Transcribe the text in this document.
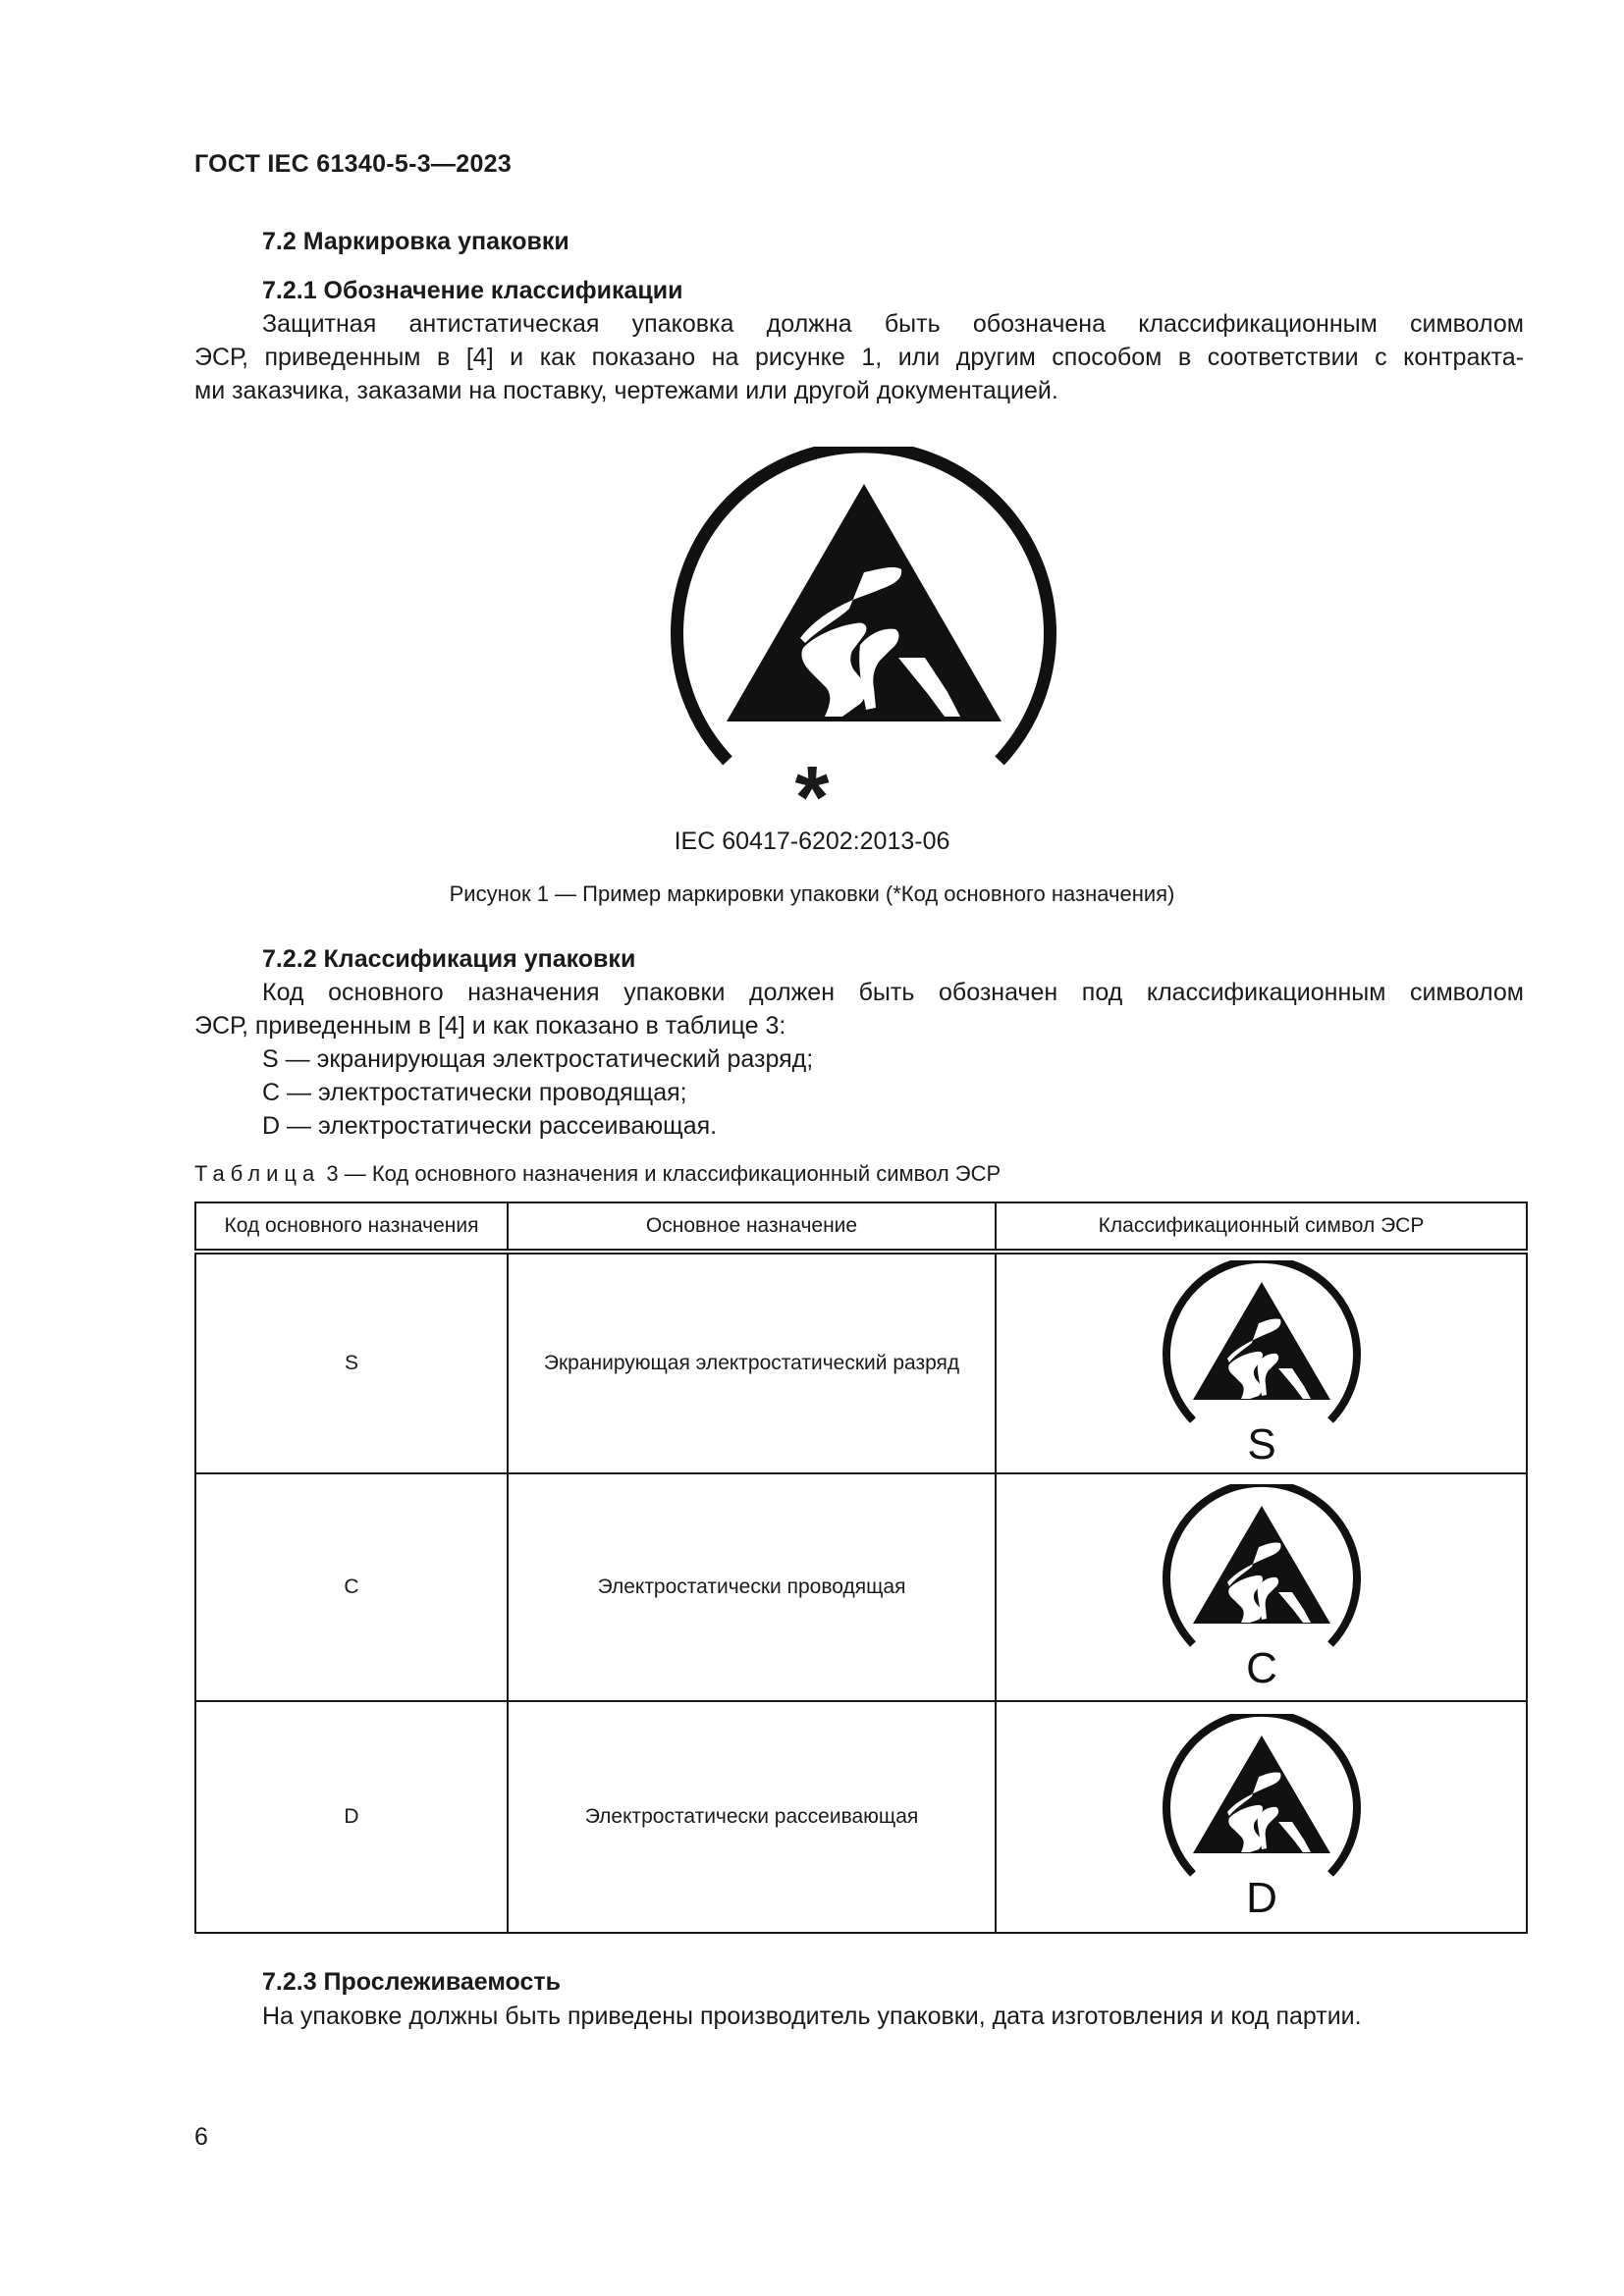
ГОСТ IEC 61340-5-3—2023
7.2 Маркировка упаковки
7.2.1 Обозначение классификации
Защитная антистатическая упаковка должна быть обозначена классификационным символом
ЭСР, приведенным в [4] и как показано на рисунке 1, или другим способом в соответствии с контракта-
ми заказчика, заказами на поставку, чертежами или другой документацией.
*
IEC 60417-6202:2013-06
Рисунок 1 — Пример маркировки упаковки (*Код основного назначения)
7.2.2 Классификация упаковки
Код основного назначения упаковки должен быть обозначен под классификационным символом
ЭСР, приведенным в [4] и как показано в таблице 3:
S — экранирующая электростатический разряд;
C — электростатически проводящая;
D — электростатически рассеивающая.
Таблица 3 — Код основного назначения и классификационный символ ЭСР
Код основного назначения	Основное назначение	Классификационный символ ЭСР
S	Экранирующая электростатический разряд	S

C	Электростатически проводящая	C

D	Электростатически рассеивающая	D
7.2.3 Прослеживаемость
На упаковке должны быть приведены производитель упаковки, дата изготовления и код партии.
6
